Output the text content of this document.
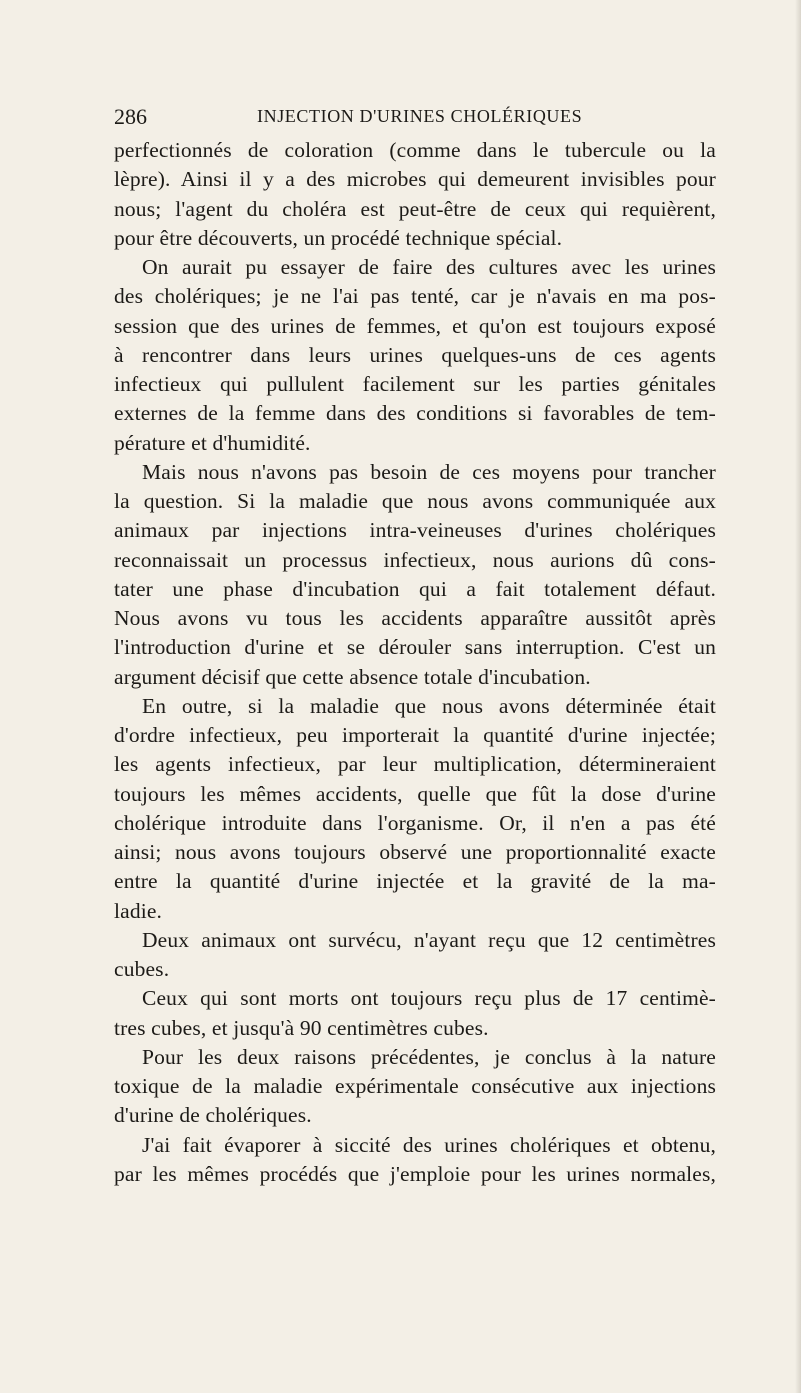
286	INJECTION D'URINES CHOLÉRIQUES
perfectionnés de coloration (comme dans le tubercule ou la
lèpre). Ainsi il y a des microbes qui demeurent invisibles pour
nous; l'agent du choléra est peut-être de ceux qui requièrent,
pour être découverts, un procédé technique spécial.
On aurait pu essayer de faire des cultures avec les urines
des cholériques; je ne l'ai pas tenté, car je n'avais en ma pos-
session que des urines de femmes, et qu'on est toujours exposé
à rencontrer dans leurs urines quelques-uns de ces agents
infectieux qui pullulent facilement sur les parties génitales
externes de la femme dans des conditions si favorables de tem-
pérature et d'humidité.
Mais nous n'avons pas besoin de ces moyens pour trancher
la question. Si la maladie que nous avons communiquée aux
animaux par injections intra-veineuses d'urines cholériques
reconnaissait un processus infectieux, nous aurions dû cons-
tater une phase d'incubation qui a fait totalement défaut.
Nous avons vu tous les accidents apparaître aussitôt après
l'introduction d'urine et se dérouler sans interruption. C'est un
argument décisif que cette absence totale d'incubation.
En outre, si la maladie que nous avons déterminée était
d'ordre infectieux, peu importerait la quantité d'urine injectée;
les agents infectieux, par leur multiplication, détermineraient
toujours les mêmes accidents, quelle que fût la dose d'urine
cholérique introduite dans l'organisme. Or, il n'en a pas été
ainsi; nous avons toujours observé une proportionnalité exacte
entre la quantité d'urine injectée et la gravité de la ma-
ladie.
Deux animaux ont survécu, n'ayant reçu que 12 centimètres
cubes.
Ceux qui sont morts ont toujours reçu plus de 17 centimè-
tres cubes, et jusqu'à 90 centimètres cubes.
Pour les deux raisons précédentes, je conclus à la nature
toxique de la maladie expérimentale consécutive aux injections
d'urine de cholériques.
J'ai fait évaporer à siccité des urines cholériques et obtenu,
par les mêmes procédés que j'emploie pour les urines normales,
